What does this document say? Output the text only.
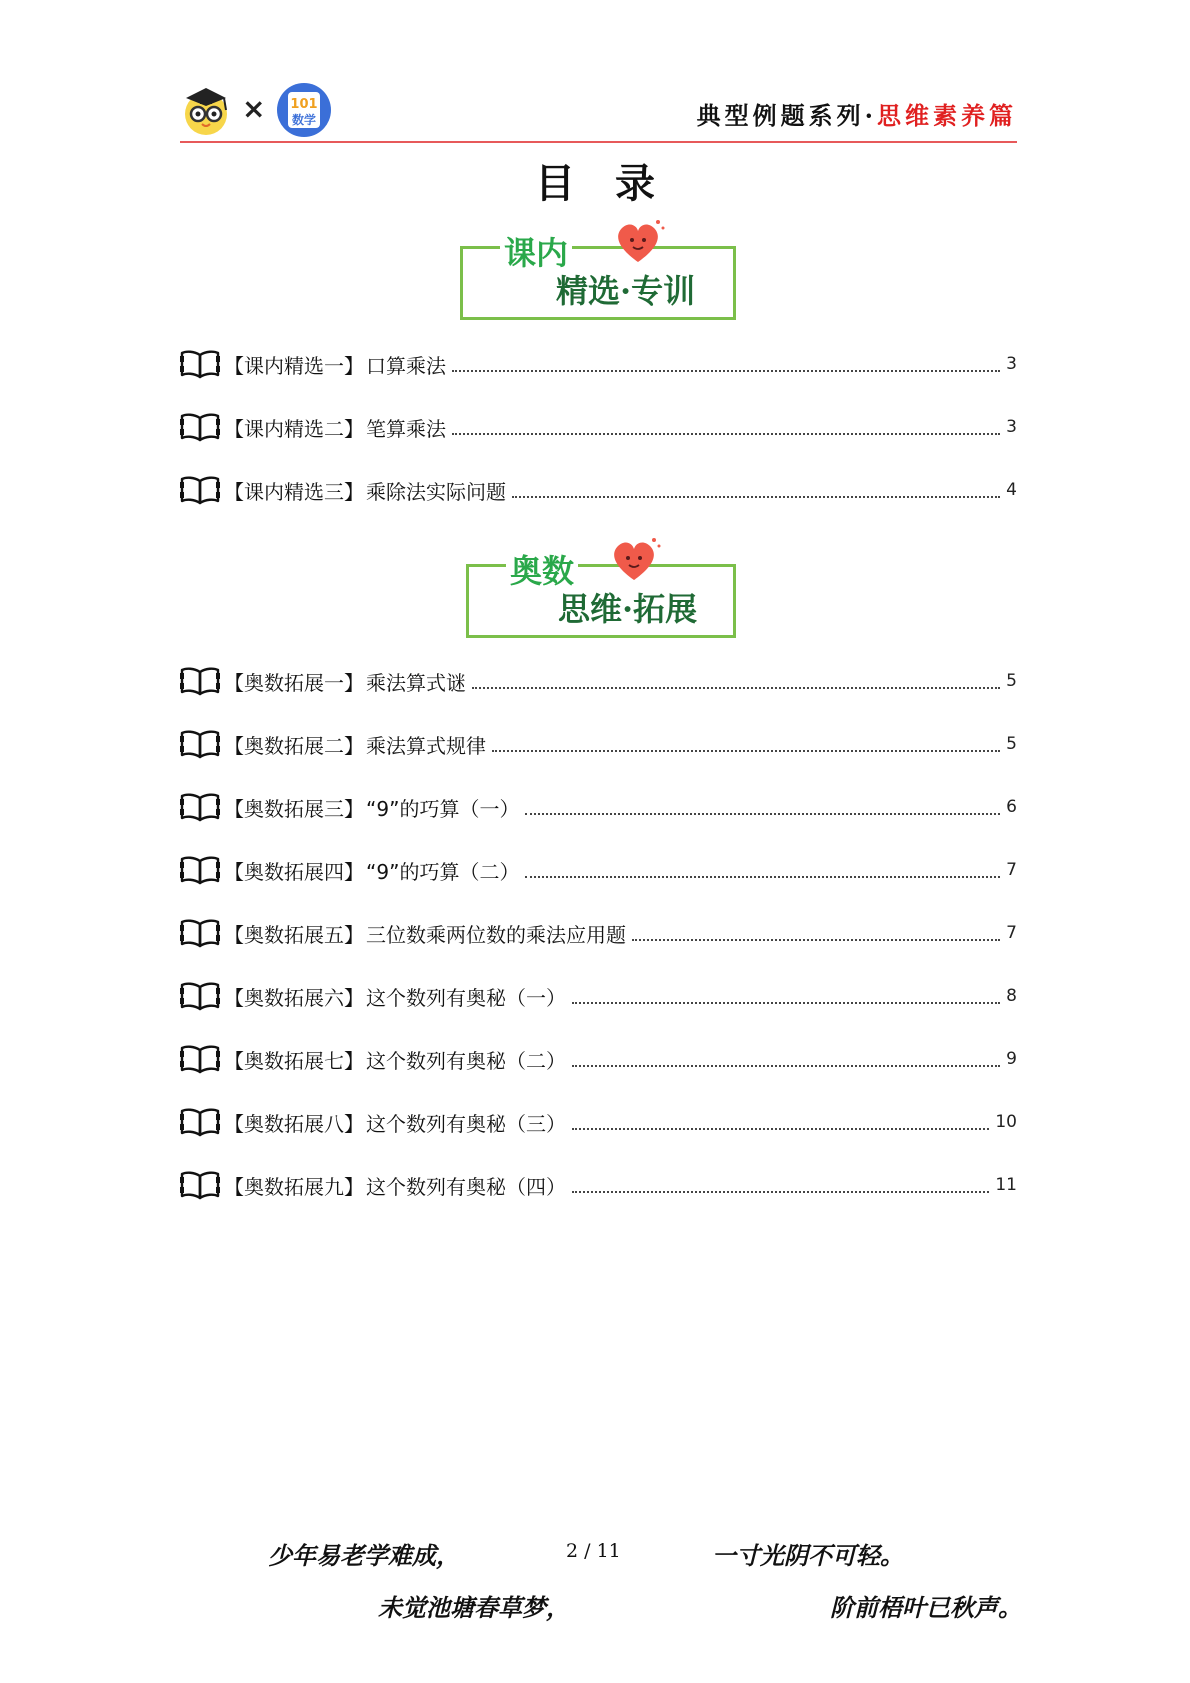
× 101
数学	典型例题系列·思维素养篇
目录
课内
精选·专训
【课内精选一】 口算乘法	3
【课内精选二】 笔算乘法	3
【课内精选三】 乘除法实际问题	4
奥数
思维·拓展
【奥数拓展一】 乘法算式谜	5
【奥数拓展二】 乘法算式规律	5
【奥数拓展三】 “9”的巧算（一）	6
【奥数拓展四】 “9”的巧算（二）	7
【奥数拓展五】 三位数乘两位数的乘法应用题	7
【奥数拓展六】 这个数列有奥秘（一）	8
【奥数拓展七】 这个数列有奥秘（二）	9
【奥数拓展八】 这个数列有奥秘（三）	10
【奥数拓展九】 这个数列有奥秘（四）	11
少年易老学难成，	2 / 11	一寸光阴不可轻。
未觉池塘春草梦，	阶前梧叶已秋声。
